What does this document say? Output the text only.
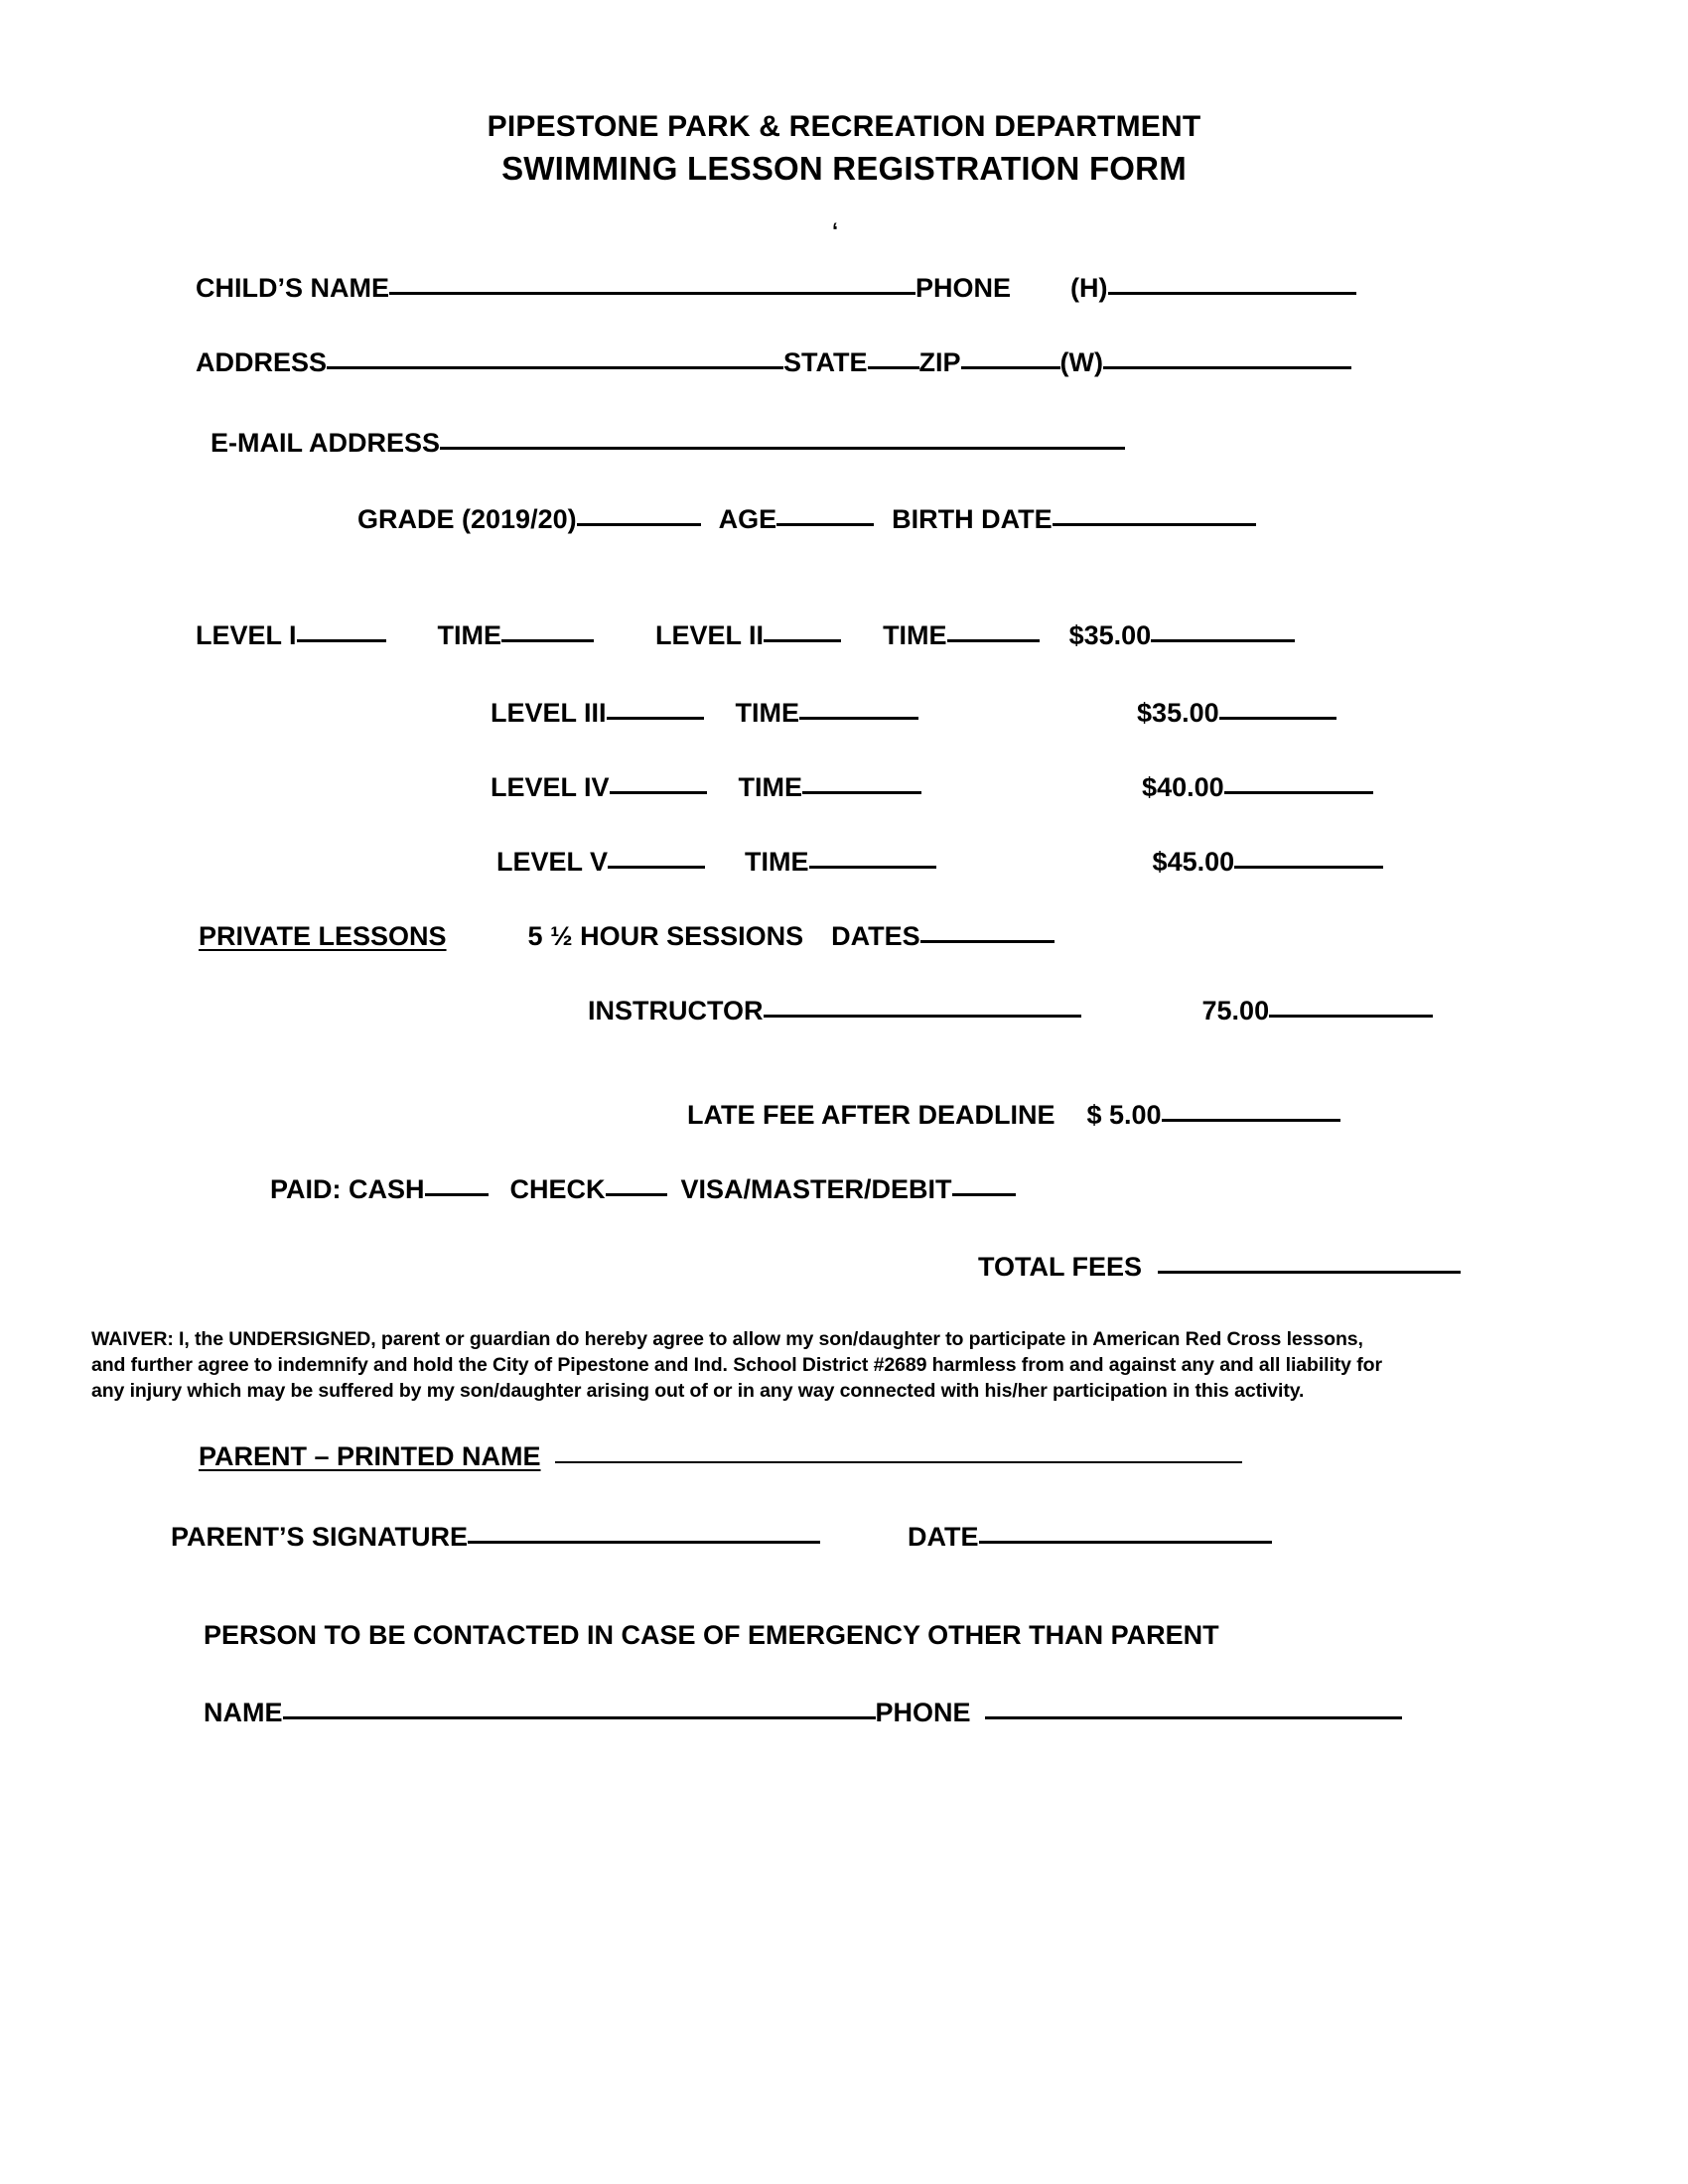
PIPESTONE PARK & RECREATION DEPARTMENT
SWIMMING LESSON REGISTRATION FORM
‘
CHILD’S NAME	PHONE (H)
ADDRESS	STATE ZIP	(W)
E-MAIL ADDRESS
GRADE (2019/20)	AGE	BIRTH DATE
LEVEL I	TIME	LEVEL II	TIME	$35.00
LEVEL III	TIME	$35.00
LEVEL IV	TIME	$40.00
LEVEL V	TIME	$45.00
PRIVATE LESSONS	5 ½ HOUR SESSIONS DATES
INSTRUCTOR	75.00
LATE FEE AFTER DEADLINE $ 5.00
PAID: CASH	CHECK	VISA/MASTER/DEBIT
TOTAL FEES
WAIVER: I, the UNDERSIGNED, parent or guardian do hereby agree to allow my son/daughter to participate in American Red Cross lessons,
and further agree to indemnify and hold the City of Pipestone and Ind. School District #2689 harmless from and against any and all liability for
any injury which may be suffered by my son/daughter arising out of or in any way connected with his/her participation in this activity.
PARENT – PRINTED NAME
PARENT’S SIGNATURE	DATE
PERSON TO BE CONTACTED IN CASE OF EMERGENCY OTHER THAN PARENT
NAME	PHONE
